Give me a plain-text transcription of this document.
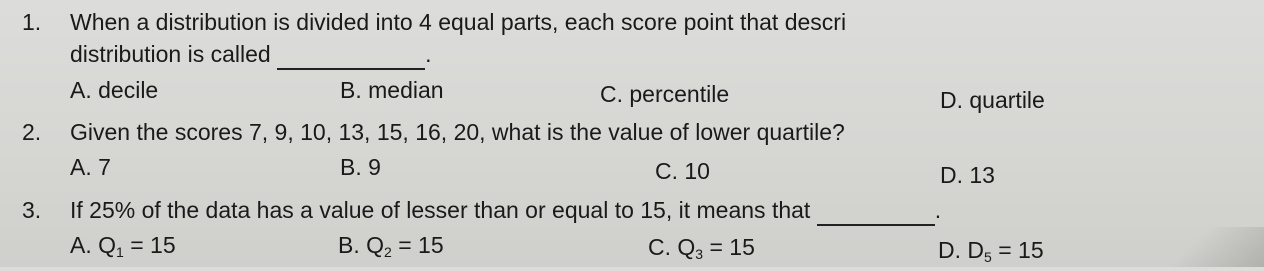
1. When a distribution is divided into 4 equal parts, each score point that descri
distribution is called	.
A. decile	B. median	C. percentile	D. quartile
2. Given the scores 7, 9, 10, 13, 15, 16, 20, what is the value of lower quartile?
A. 7	B. 9	C. 10	D. 13
3. If 25% of the data has a value of lesser than or equal to 15, it means that	.
A. $Q_1 = 15$	B. $Q_2 = 15$	C. $Q_3 = 15$	D. $D_5 = 15$
